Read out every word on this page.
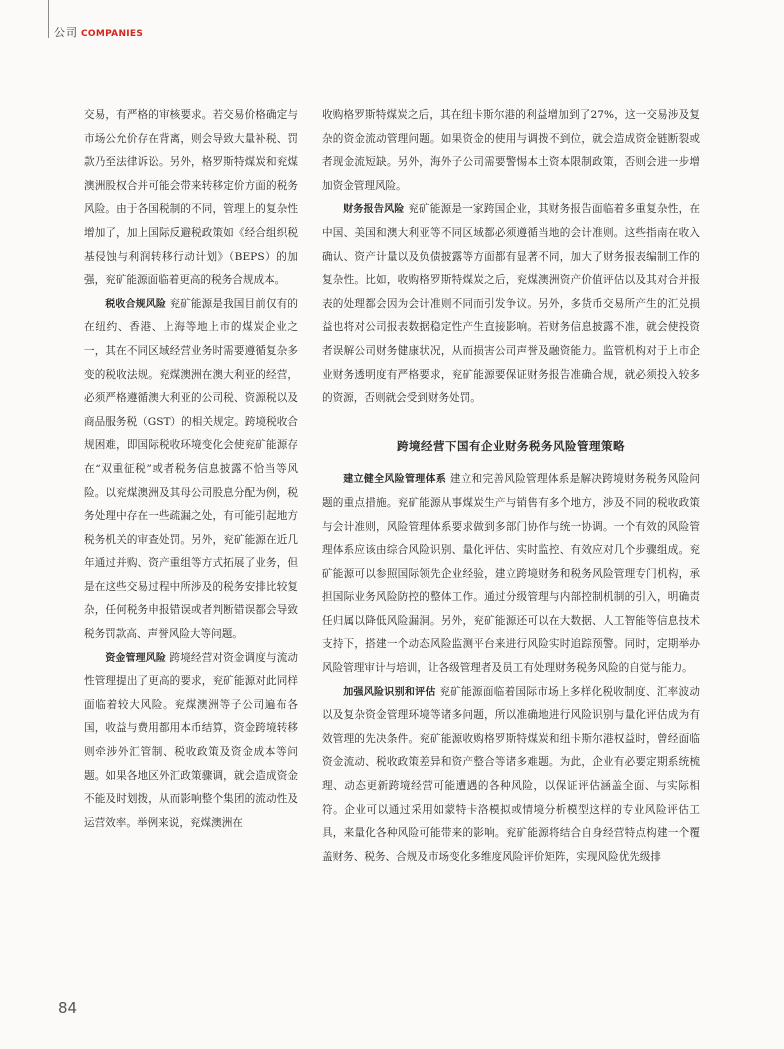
公司 COMPANIES

交易，有严格的审核要求。若交易价格确定与市场公允价存在背离，则会导致大量补税、罚款乃至法律诉讼。另外，格罗斯特煤炭和兖煤澳洲股权合并可能会带来转移定价方面的税务风险。由于各国税制的不同，管理上的复杂性增加了，加上国际反避税政策如《经合组织税基侵蚀与利润转移行动计划》（BEPS）的加强，兖矿能源面临着更高的税务合规成本。

税收合规风险 兖矿能源是我国目前仅有的在纽约、香港、上海等地上市的煤炭企业之一，其在不同区域经营业务时需要遵循复杂多变的税收法规。兖煤澳洲在澳大利亚的经营，必须严格遵循澳大利亚的公司税、资源税以及商品服务税（GST）的相关规定。跨境税收合规困难，即国际税收环境变化会使兖矿能源存在“双重征税”或者税务信息披露不恰当等风险。以兖煤澳洲及其母公司股息分配为例，税务处理中存在一些疏漏之处，有可能引起地方税务机关的审查处罚。另外，兖矿能源在近几年通过并购、资产重组等方式拓展了业务，但是在这些交易过程中所涉及的税务安排比较复杂，任何税务申报错误或者判断错误都会导致税务罚款高、声誉风险大等问题。

资金管理风险 跨境经营对资金调度与流动性管理提出了更高的要求，兖矿能源对此同样面临着较大风险。兖煤澳洲等子公司遍布各国，收益与费用都用本币结算，资金跨境转移则牵涉外汇管制、税收政策及资金成本等问题。如果各地区外汇政策骤调，就会造成资金不能及时划拨，从而影响整个集团的流动性及运营效率。举例来说，兖煤澳洲在

收购格罗斯特煤炭之后，其在纽卡斯尔港的利益增加到了27%，这一交易涉及复杂的资金流动管理问题。如果资金的使用与调拨不到位，就会造成资金链断裂或者现金流短缺。另外，海外子公司需要警惕本土资本限制政策，否则会进一步增加资金管理风险。

财务报告风险 兖矿能源是一家跨国企业，其财务报告面临着多重复杂性，在中国、美国和澳大利亚等不同区域都必须遵循当地的会计准则。这些指南在收入确认、资产计量以及负债披露等方面都有显著不同，加大了财务报表编制工作的复杂性。比如，收购格罗斯特煤炭之后，兖煤澳洲资产价值评估以及其对合并报表的处理都会因为会计准则不同而引发争议。另外，多货币交易所产生的汇兑损益也将对公司报表数据稳定性产生直接影响。若财务信息披露不准，就会使投资者误解公司财务健康状况，从而损害公司声誉及融资能力。监管机构对于上市企业财务透明度有严格要求，兖矿能源要保证财务报告准确合规，就必须投入较多的资源，否则就会受到财务处罚。

跨境经营下国有企业财务税务风险管理策略

建立健全风险管理体系 建立和完善风险管理体系是解决跨境财务税务风险问题的重点措施。兖矿能源从事煤炭生产与销售有多个地方，涉及不同的税收政策与会计准则，风险管理体系要求做到多部门协作与统一协调。一个有效的风险管理体系应该由综合风险识别、量化评估、实时监控、有效应对几个步骤组成。兖矿能源可以参照国际领先企业经验，建立跨境财务和税务风险管理专门机构，承担国际业务风险防控的整体工作。通过分级管理与内部控制机制的引入，明确责任归属以降低风险漏洞。另外，兖矿能源还可以在大数据、人工智能等信息技术支持下，搭建一个动态风险监测平台来进行风险实时追踪预警。同时，定期举办风险管理审计与培训，让各级管理者及员工有处理财务税务风险的自觉与能力。

加强风险识别和评估 兖矿能源面临着国际市场上多样化税收制度、汇率波动以及复杂资金管理环境等诸多问题，所以准确地进行风险识别与量化评估成为有效管理的先决条件。兖矿能源收购格罗斯特煤炭和纽卡斯尔港权益时，曾经面临资金流动、税收政策差异和资产整合等诸多难题。为此，企业有必要定期系统梳理、动态更新跨境经营可能遭遇的各种风险，以保证评估涵盖全面、与实际相符。企业可以通过采用如蒙特卡洛模拟或情境分析模型这样的专业风险评估工具，来量化各种风险可能带来的影响。兖矿能源将结合自身经营特点构建一个覆盖财务、税务、合规及市场变化多维度风险评价矩阵，实现风险优先级排

84
